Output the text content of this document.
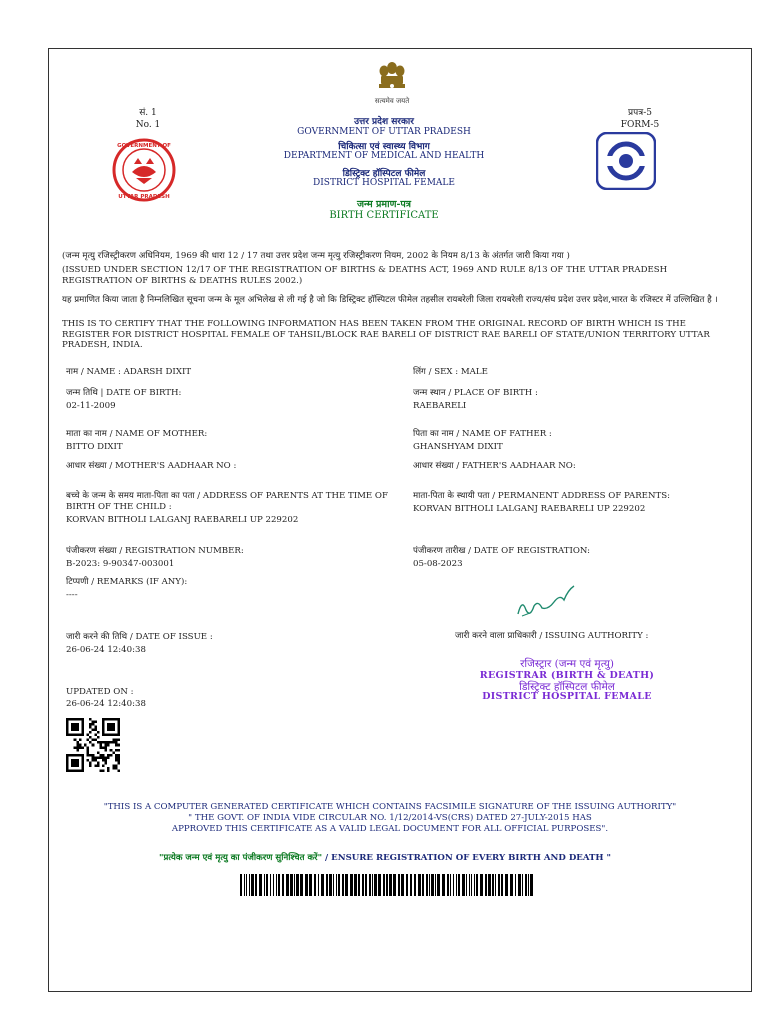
सत्यमेव जयते
सं. 1
No. 1
प्रपत्र-5
FORM-5
GOVERNMENT OF
UTTAR PRADESH
उत्तर प्रदेश सरकार
GOVERNMENT OF UTTAR PRADESH
चिकित्सा एवं स्वास्थ्य विभाग
DEPARTMENT OF MEDICAL AND HEALTH
डिस्ट्रिक्ट हॉस्पिटल फीमेल
DISTRICT HOSPITAL FEMALE
जन्म प्रमाण-पत्र
BIRTH CERTIFICATE
(जन्म मृत्यु रजिस्ट्रीकरण अधिनियम, 1969 की धारा 12 / 17 तथा उत्तर प्रदेश जन्म मृत्यु रजिस्ट्रीकरण नियम, 2002 के नियम 8/13 के अंतर्गत जारी किया गया )
(ISSUED UNDER SECTION 12/17 OF THE REGISTRATION OF BIRTHS & DEATHS ACT, 1969 AND RULE 8/13 OF THE UTTAR PRADESH REGISTRATION OF BIRTHS & DEATHS RULES 2002.)
यह प्रमाणित किया जाता है निम्नलिखित सूचना जन्म के मूल अभिलेख से ली गई है जो कि डिस्ट्रिक्ट हॉस्पिटल फीमेल तहसील रायबरेली जिला रायबरेली राज्य/संघ प्रदेश उत्तर प्रदेश,भारत के रजिस्टर में उल्लिखित है ।
THIS IS TO CERTIFY THAT THE FOLLOWING INFORMATION HAS BEEN TAKEN FROM THE ORIGINAL RECORD OF BIRTH WHICH IS THE REGISTER FOR DISTRICT HOSPITAL FEMALE OF TAHSIL/BLOCK RAE BARELI OF DISTRICT RAE BARELI OF STATE/UNION TERRITORY UTTAR PRADESH, INDIA.
नाम / NAME : ADARSH DIXIT
जन्म तिथि | DATE OF BIRTH:
02-11-2009
माता का नाम / NAME OF MOTHER:
BITTO DIXIT
आधार संख्या / MOTHER'S AADHAAR NO :
बच्चे के जन्म के समय माता-पिता का पता / ADDRESS OF PARENTS AT THE TIME OF BIRTH OF THE CHILD :
KORVAN BITHOLI LALGANJ RAEBARELI UP 229202
पंजीकरण संख्या / REGISTRATION NUMBER:
B-2023: 9-90347-003001
टिप्पणी / REMARKS (IF ANY):
----
जारी करने की तिथि / DATE OF ISSUE :
26-06-24 12:40:38
UPDATED ON :
26-06-24 12:40:38
लिंग / SEX : MALE
जन्म स्थान / PLACE OF BIRTH :
RAEBARELI
पिता का नाम / NAME OF FATHER :
GHANSHYAM DIXIT
आधार संख्या / FATHER'S AADHAAR NO:
माता-पिता के स्थायी पता / PERMANENT ADDRESS OF PARENTS:
KORVAN BITHOLI LALGANJ RAEBARELI UP 229202
पंजीकरण तारीख / DATE OF REGISTRATION:
05-08-2023
जारी करने वाला प्राधिकारी / ISSUING AUTHORITY :
रजिस्ट्रार (जन्म एवं मृत्यु)
REGISTRAR (BIRTH & DEATH)
डिस्ट्रिक्ट हॉस्पिटल फीमेल
DISTRICT HOSPITAL FEMALE
"THIS IS A COMPUTER GENERATED CERTIFICATE WHICH CONTAINS FACSIMILE SIGNATURE OF THE ISSUING AUTHORITY"
" THE GOVT. OF INDIA VIDE CIRCULAR NO. 1/12/2014-VS(CRS) DATED 27-JULY-2015 HAS
APPROVED THIS CERTIFICATE AS A VALID LEGAL DOCUMENT FOR ALL OFFICIAL PURPOSES".
"प्रत्येक जन्म एवं मृत्यु का पंजीकरण सुनिश्चित करें" / ENSURE REGISTRATION OF EVERY BIRTH AND DEATH "
